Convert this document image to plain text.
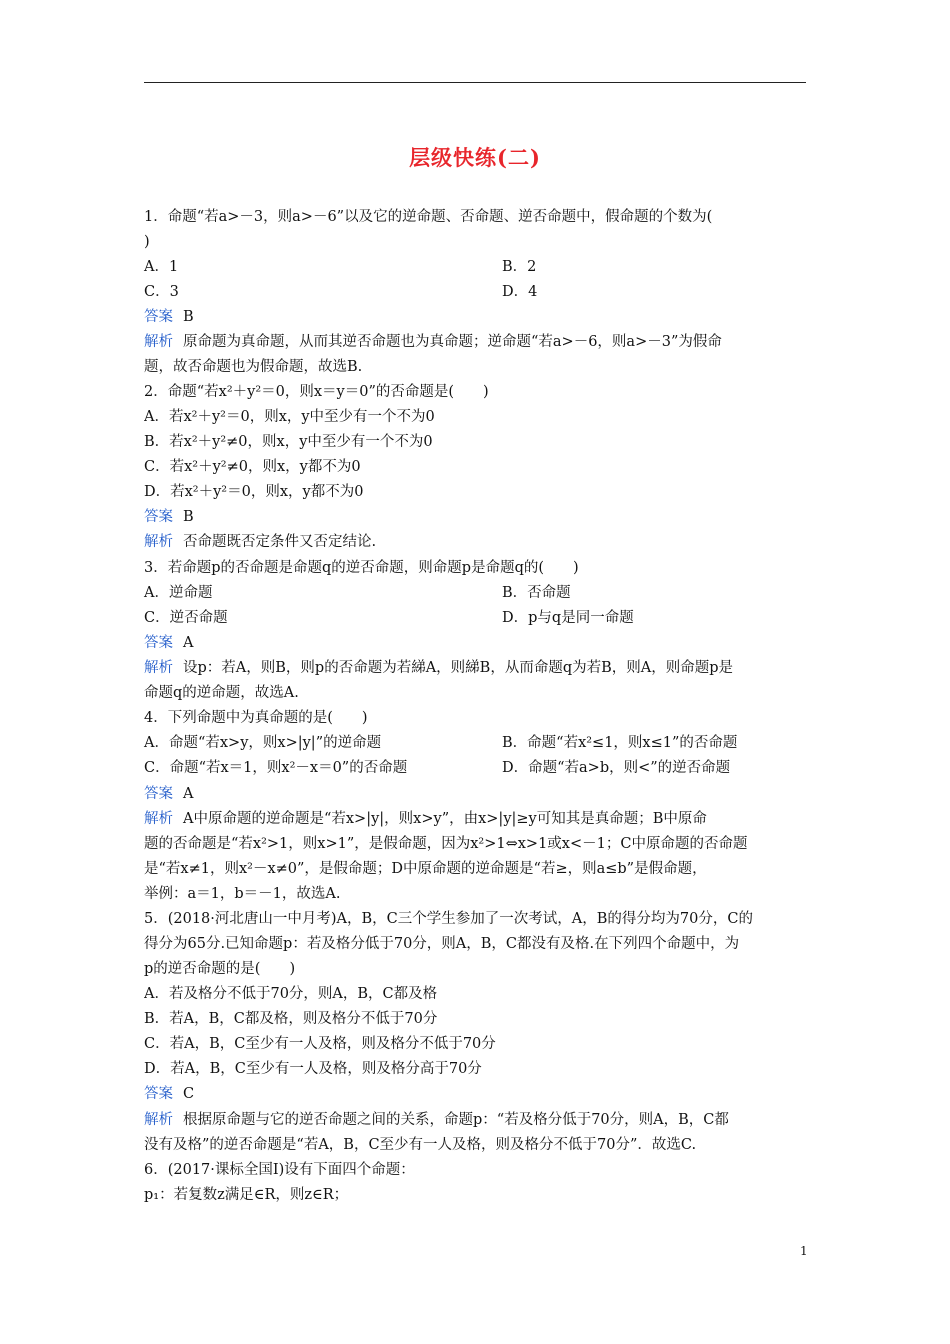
层级快练(二)
1．命题“若a>－3，则a>－6”以及它的逆命题、否命题、逆否命题中，假命题的个数为(
)
A．1	B．2
C．3	D．4
答案 B
解析 原命题为真命题，从而其逆否命题也为真命题；逆命题“若a>－6，则a>－3”为假命
题，故否命题也为假命题，故选B.
2．命题“若x²＋y²＝0，则x＝y＝0”的否命题是(　　)
A．若x²＋y²＝0，则x，y中至少有一个不为0
B．若x²＋y²≠0，则x，y中至少有一个不为0
C．若x²＋y²≠0，则x，y都不为0
D．若x²＋y²＝0，则x，y都不为0
答案 B
解析 否命题既否定条件又否定结论.
3．若命题p的否命题是命题q的逆否命题，则命题p是命题q的(　　)
A．逆命题	B．否命题
C．逆否命题	D．p与q是同一命题
答案 A
解析 设p：若A，则B，则p的否命题为若綈A，则綈B，从而命题q为若B，则A，则命题p是
命题q的逆命题，故选A.
4．下列命题中为真命题的是(　　)
A．命题“若x>y，则x>|y|”的逆命题	B．命题“若x²≤1，则x≤1”的否命题
C．命题“若x＝1，则x²－x＝0”的否命题	D．命题“若a>b，则<”的逆否命题
答案 A
解析 A中原命题的逆命题是“若x>|y|，则x>y”，由x>|y|≥y可知其是真命题；B中原命
题的否命题是“若x²>1，则x>1”，是假命题，因为x²>1⇔x>1或x<－1；C中原命题的否命题
是“若x≠1，则x²－x≠0”，是假命题；D中原命题的逆命题是“若≥，则a≤b”是假命题，
举例：a＝1，b＝－1，故选A.
5．(2018·河北唐山一中月考)A，B，C三个学生参加了一次考试，A，B的得分均为70分，C的
得分为65分.已知命题p：若及格分低于70分，则A，B，C都没有及格.在下列四个命题中，为
p的逆否命题的是(　　)
A．若及格分不低于70分，则A，B，C都及格
B．若A，B，C都及格，则及格分不低于70分
C．若A，B，C至少有一人及格，则及格分不低于70分
D．若A，B，C至少有一人及格，则及格分高于70分
答案 C
解析 根据原命题与它的逆否命题之间的关系，命题p：“若及格分低于70分，则A，B，C都
没有及格”的逆否命题是“若A，B，C至少有一人及格，则及格分不低于70分”．故选C.
6．(2017·课标全国Ⅰ)设有下面四个命题：
p₁：若复数z满足∈R，则z∈R；
1
